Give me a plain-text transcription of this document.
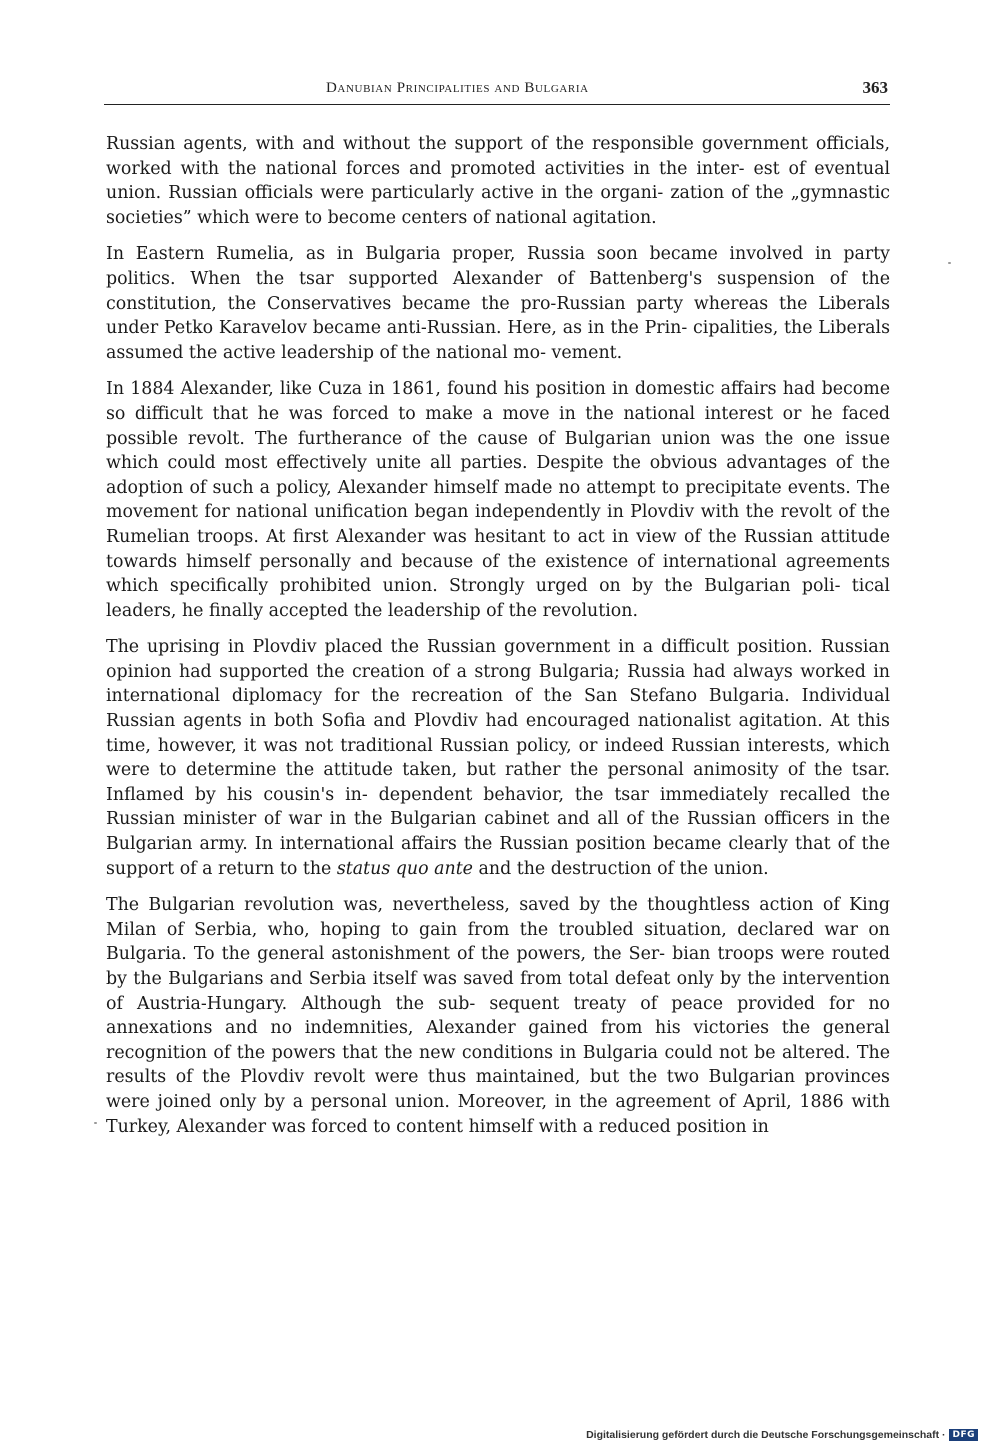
Danubian Principalities and Bulgaria	363

Russian agents, with and without the support of the responsible government officials, worked with the national forces and promoted activities in the inter- est of eventual union. Russian officials were particularly active in the organi- zation of the „gymnastic societies” which were to become centers of national agitation.

In Eastern Rumelia, as in Bulgaria proper, Russia soon became involved in party politics. When the tsar supported Alexander of Battenberg's suspension of the constitution, the Conservatives became the pro-Russian party whereas the Liberals under Petko Karavelov became anti-Russian. Here, as in the Prin- cipalities, the Liberals assumed the active leadership of the national mo- vement.

In 1884 Alexander, like Cuza in 1861, found his position in domestic affairs had become so difficult that he was forced to make a move in the national interest or he faced possible revolt. The furtherance of the cause of Bulgarian union was the one issue which could most effectively unite all parties. Despite the obvious advantages of the adoption of such a policy, Alexander himself made no attempt to precipitate events. The movement for national unification began independently in Plovdiv with the revolt of the Rumelian troops. At first Alexander was hesitant to act in view of the Russian attitude towards himself personally and because of the existence of international agreements which specifically prohibited union. Strongly urged on by the Bulgarian poli- tical leaders, he finally accepted the leadership of the revolution.

The uprising in Plovdiv placed the Russian government in a difficult position. Russian opinion had supported the creation of a strong Bulgaria; Russia had always worked in international diplomacy for the recreation of the San Stefano Bulgaria. Individual Russian agents in both Sofia and Plovdiv had encouraged nationalist agitation. At this time, however, it was not traditional Russian policy, or indeed Russian interests, which were to determine the attitude taken, but rather the personal animosity of the tsar. Inflamed by his cousin's in- dependent behavior, the tsar immediately recalled the Russian minister of war in the Bulgarian cabinet and all of the Russian officers in the Bulgarian army. In international affairs the Russian position became clearly that of the support of a return to the status quo ante and the destruction of the union.

The Bulgarian revolution was, nevertheless, saved by the thoughtless action of King Milan of Serbia, who, hoping to gain from the troubled situation, declared war on Bulgaria. To the general astonishment of the powers, the Ser- bian troops were routed by the Bulgarians and Serbia itself was saved from total defeat only by the intervention of Austria-Hungary. Although the sub- sequent treaty of peace provided for no annexations and no indemnities, Alexander gained from his victories the general recognition of the powers that the new conditions in Bulgaria could not be altered. The results of the Plovdiv revolt were thus maintained, but the two Bulgarian provinces were joined only by a personal union. Moreover, in the agreement of April, 1886 with Turkey, Alexander was forced to content himself with a reduced position in

Digitalisierung gefördert durch die Deutsche Forschungsgemeinschaft · DFG
